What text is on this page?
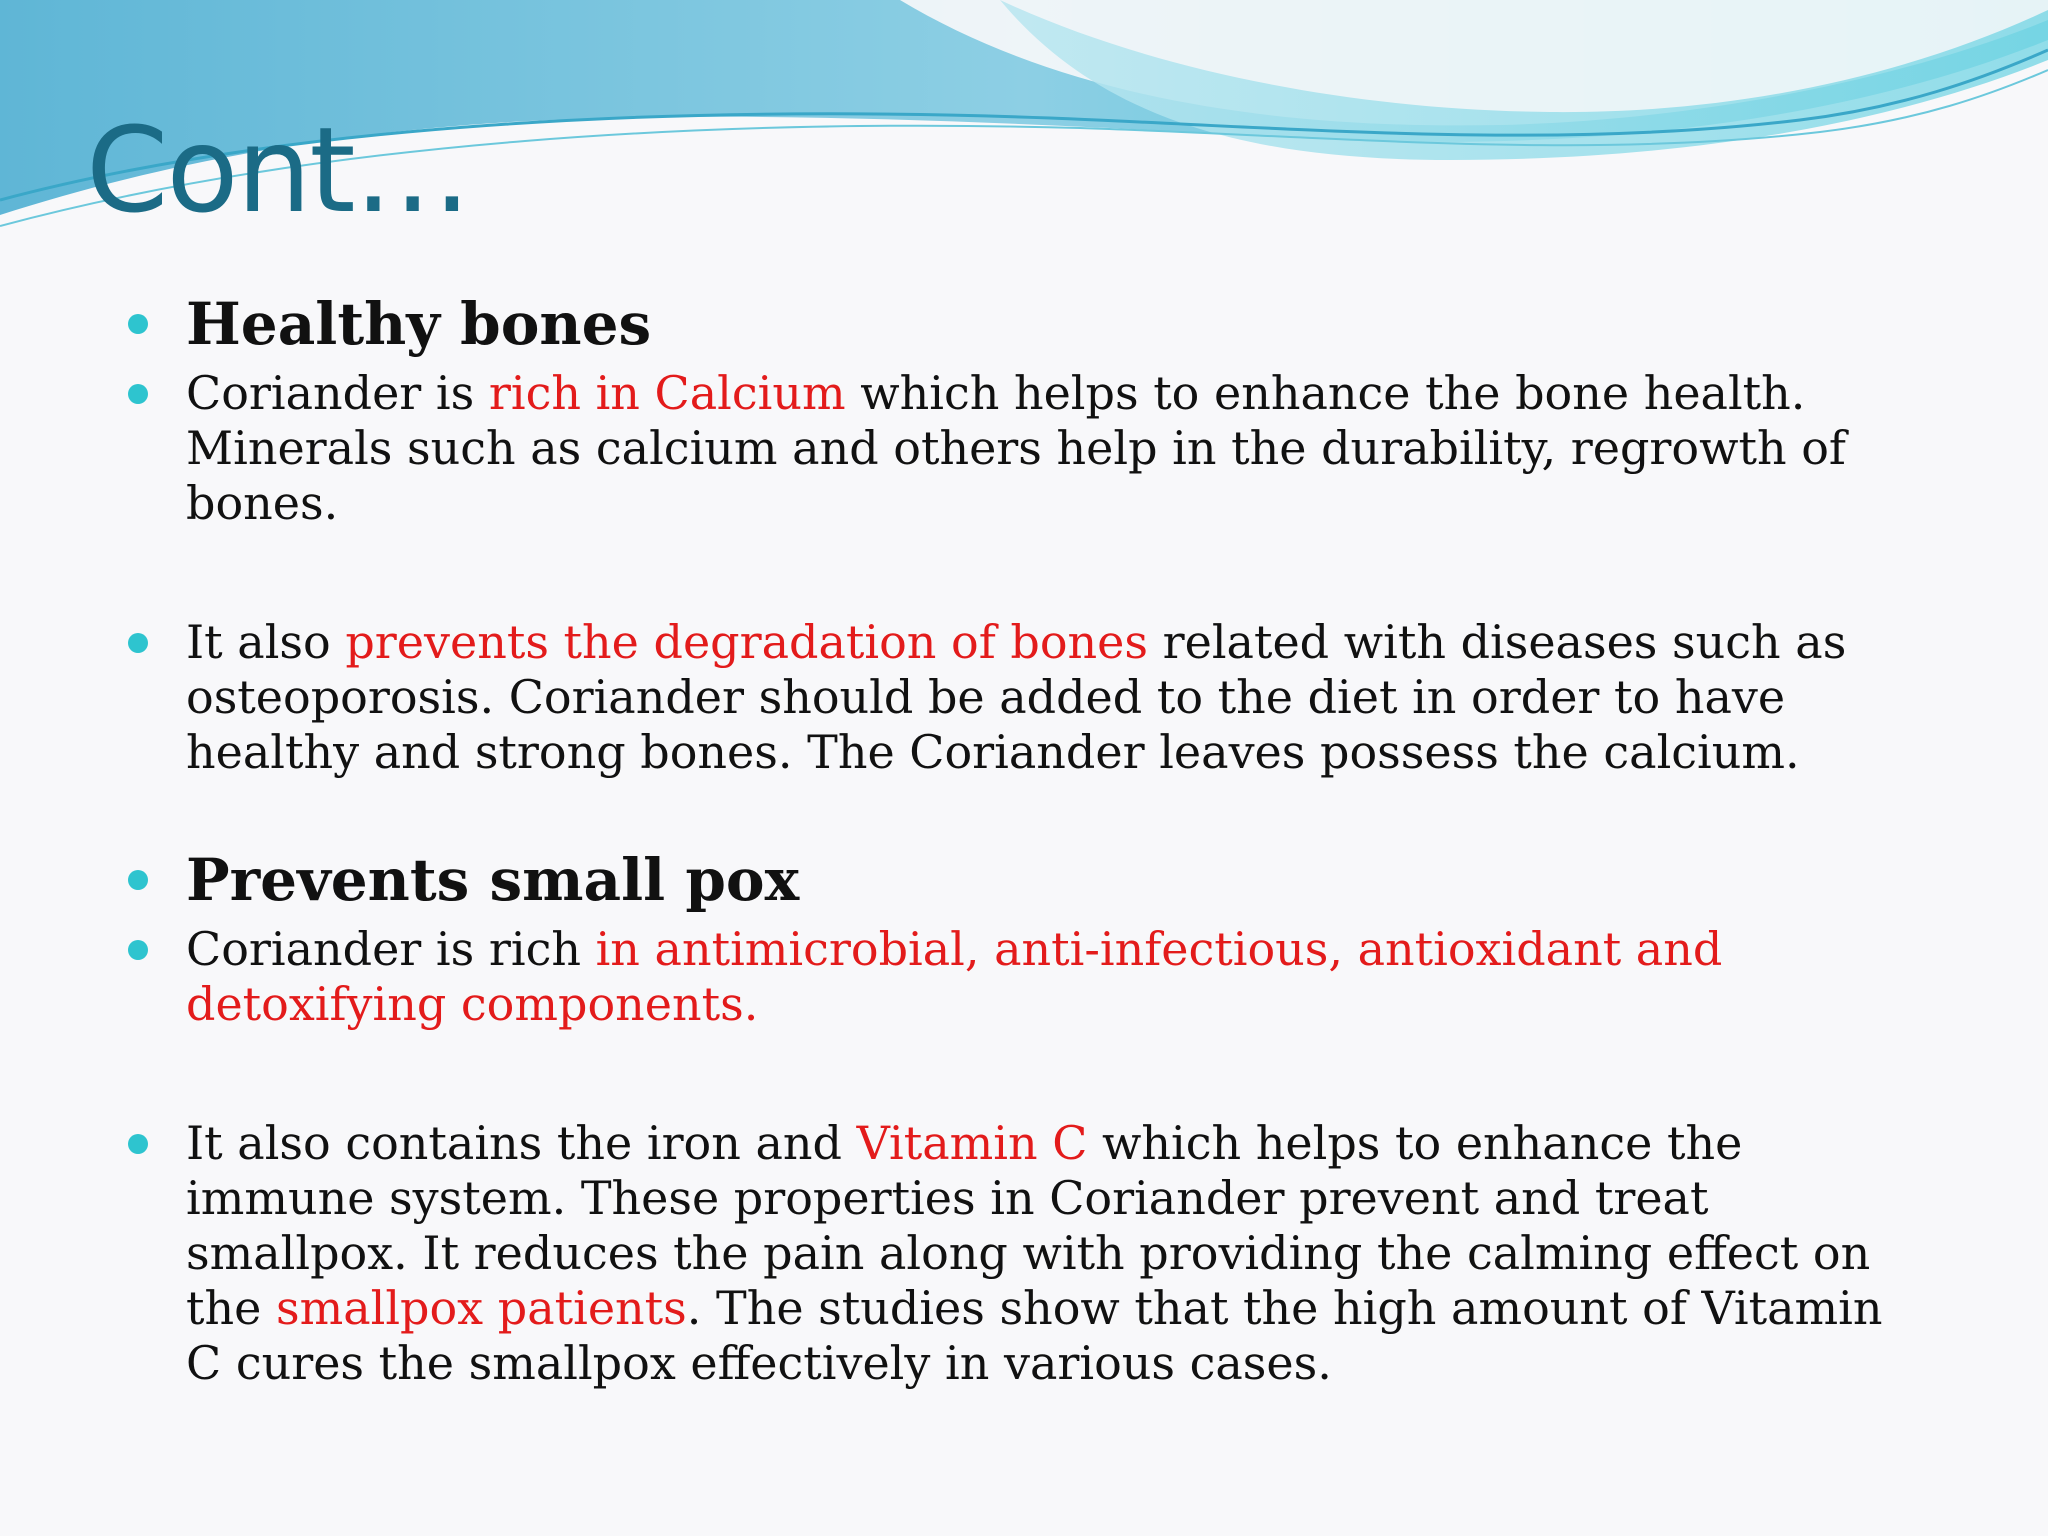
Cont…
Healthy bones
Coriander is rich in Calcium which helps to enhance the bone health. Minerals such as calcium and others help in the durability, regrowth of bones.
It also prevents the degradation of bones related with diseases such as osteoporosis. Coriander should be added to the diet in order to have healthy and strong bones. The Coriander leaves possess the calcium.
Prevents small pox
Coriander is rich in antimicrobial, anti-infectious, antioxidant and detoxifying components.
It also contains the iron and Vitamin C which helps to enhance the immune system. These properties in Coriander prevent and treat smallpox. It reduces the pain along with providing the calming effect on the smallpox patients. The studies show that the high amount of Vitamin C cures the smallpox effectively in various cases.
